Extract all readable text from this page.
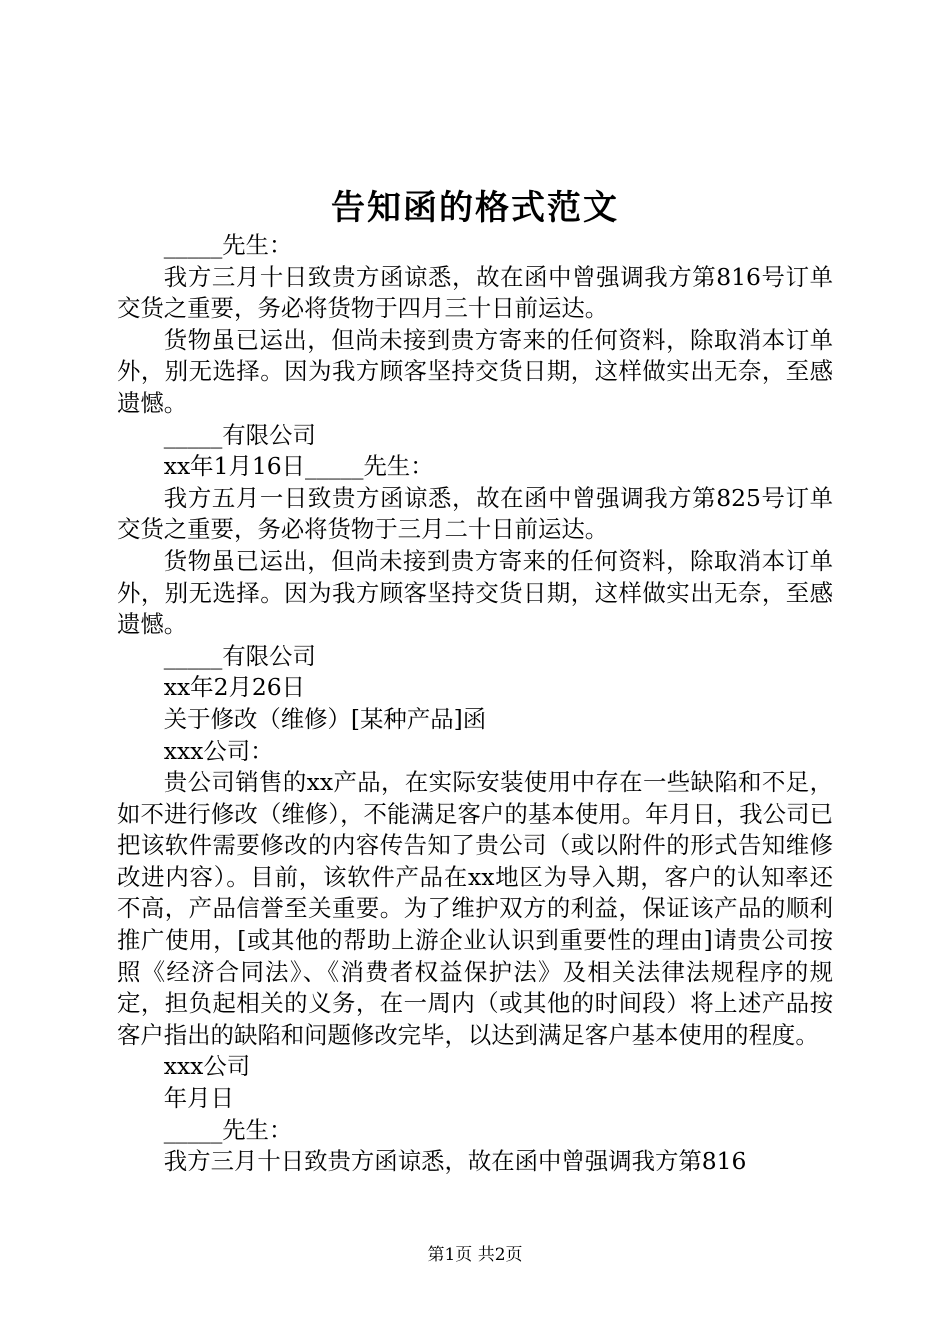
告知函的格式范文

_____先生：

我方三月十日致贵方函谅悉，故在函中曾强调我方第816号订单交货之重要，务必将货物于四月三十日前运达。

货物虽已运出，但尚未接到贵方寄来的任何资料，除取消本订单外，别无选择。因为我方顾客坚持交货日期，这样做实出无奈，至感遗憾。

_____有限公司

xx年1月16日_____先生：

我方五月一日致贵方函谅悉，故在函中曾强调我方第825号订单交货之重要，务必将货物于三月二十日前运达。

货物虽已运出，但尚未接到贵方寄来的任何资料，除取消本订单外，别无选择。因为我方顾客坚持交货日期，这样做实出无奈，至感遗憾。

_____有限公司

xx年2月26日

关于修改（维修）[某种产品]函

xxx公司：

贵公司销售的xx产品，在实际安装使用中存在一些缺陷和不足，如不进行修改（维修），不能满足客户的基本使用。年月日，我公司已把该软件需要修改的内容传告知了贵公司（或以附件的形式告知维修改进内容）。目前，该软件产品在xx地区为导入期，客户的认知率还不高，产品信誉至关重要。为了维护双方的利益，保证该产品的顺利推广使用，[或其他的帮助上游企业认识到重要性的理由]请贵公司按照《经济合同法》、《消费者权益保护法》及相关法律法规程序的规定，担负起相关的义务，在一周内（或其他的时间段）将上述产品按客户指出的缺陷和问题修改完毕，以达到满足客户基本使用的程度。

xxx公司

年月日

_____先生：

我方三月十日致贵方函谅悉，故在函中曾强调我方第816

第1页 共2页
